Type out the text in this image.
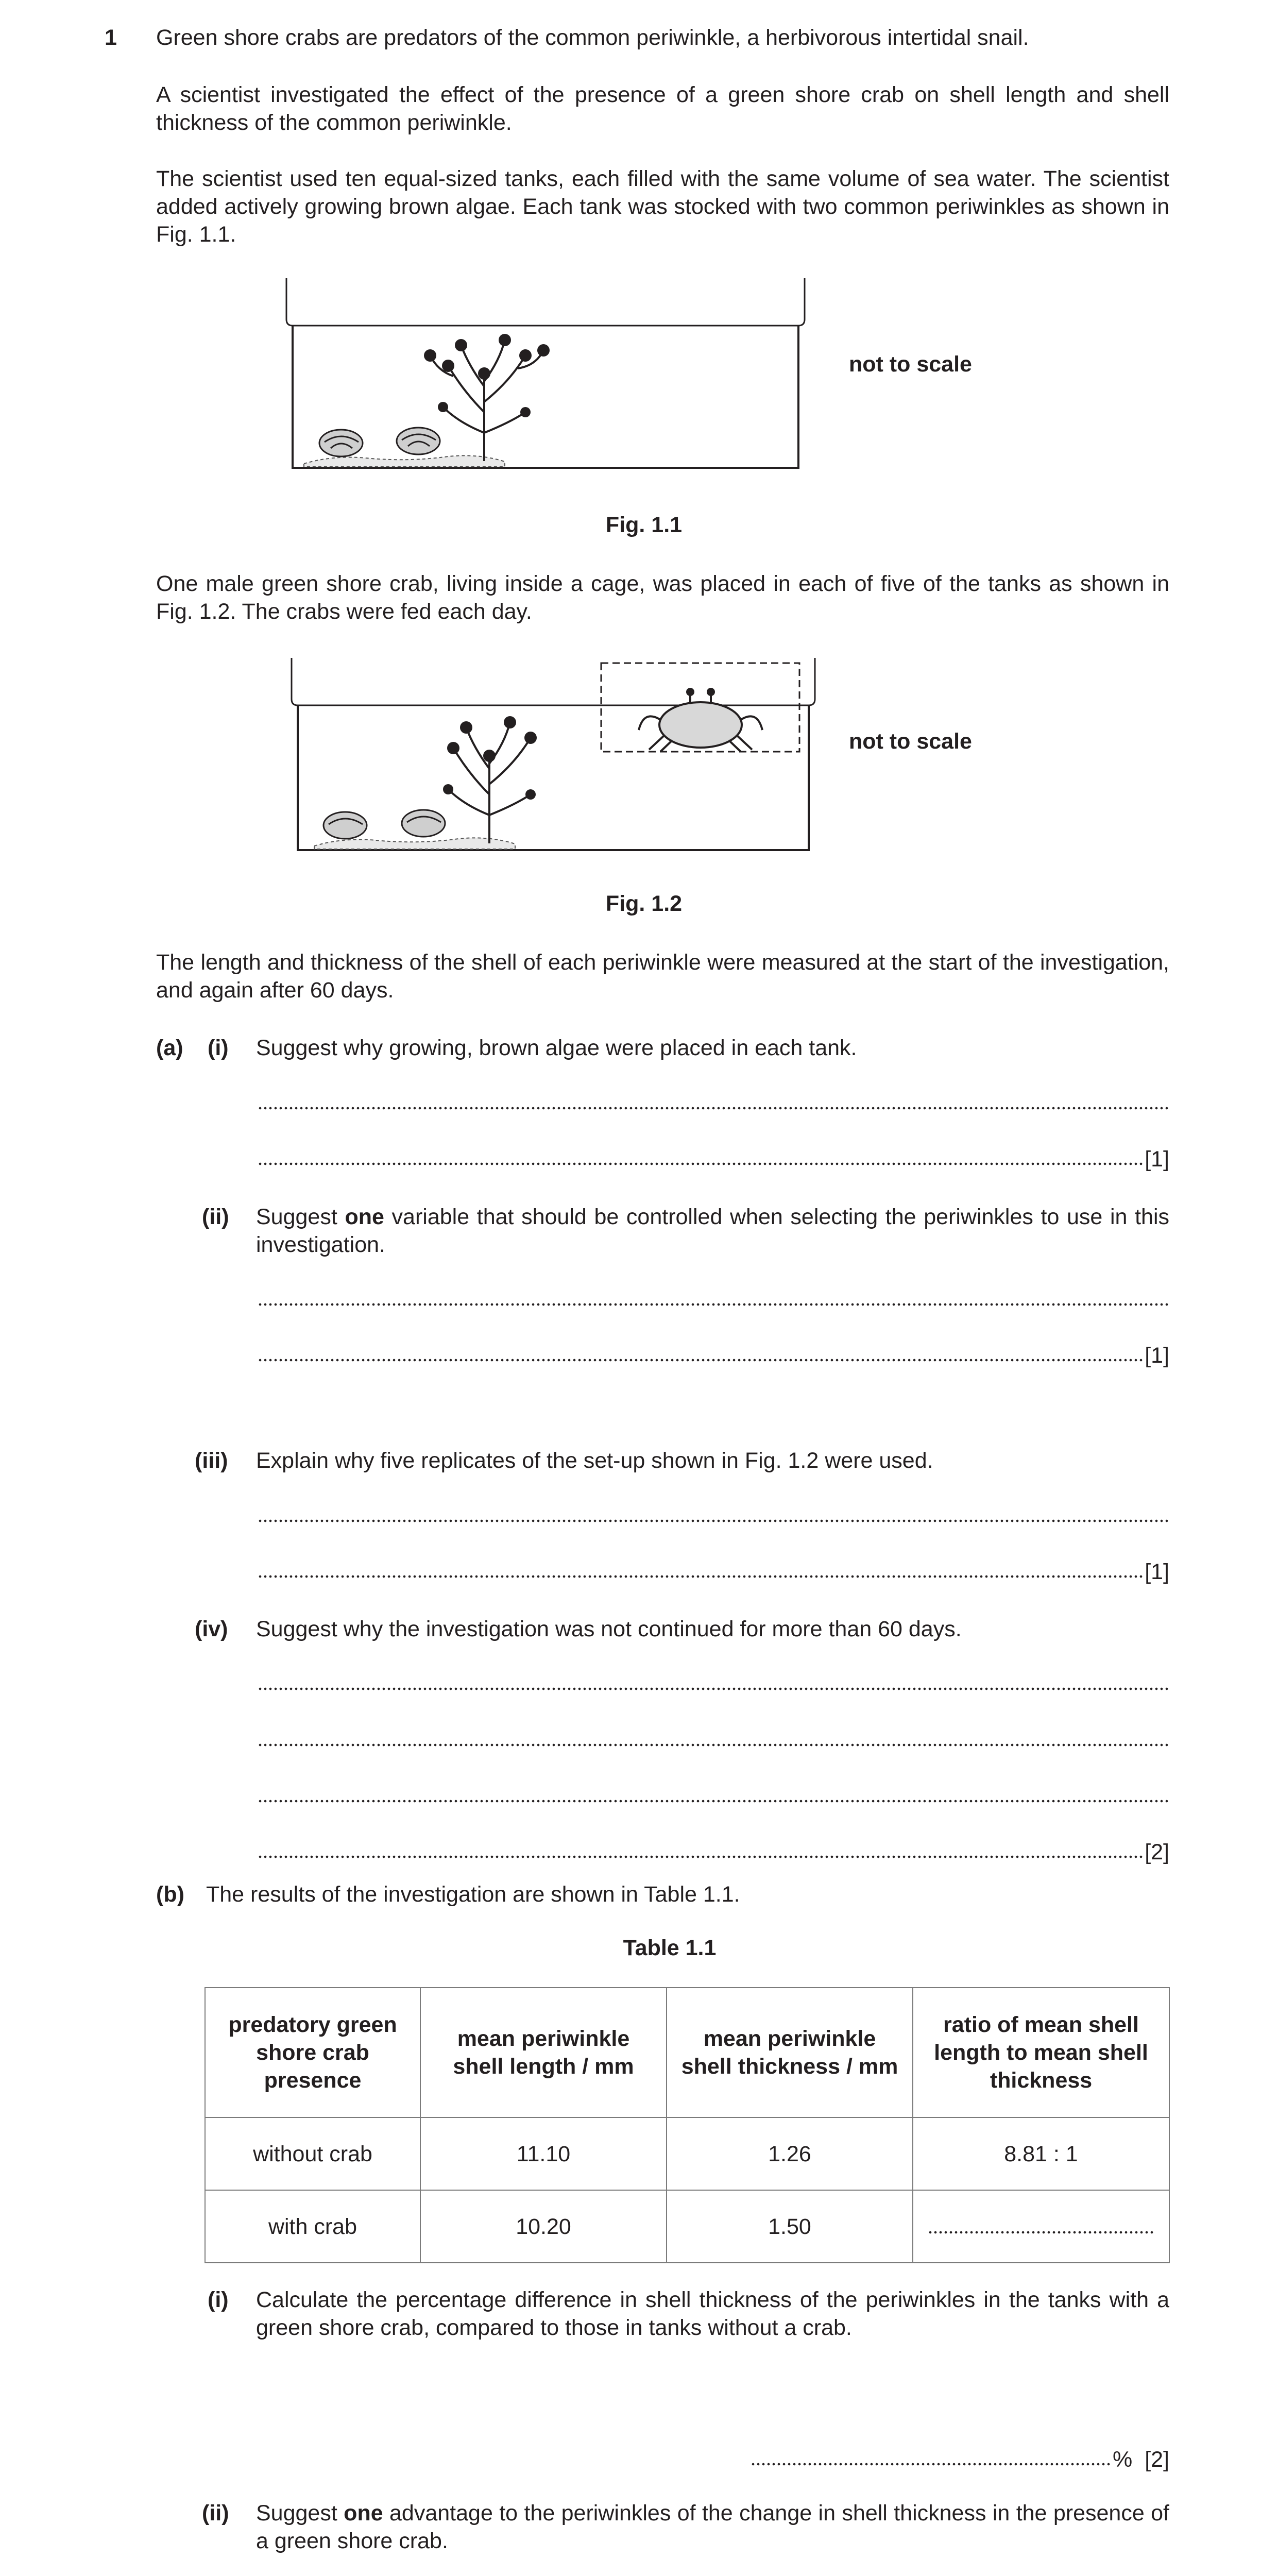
1 Green shore crabs are predators of the common periwinkle, a herbivorous intertidal snail.
A scientist investigated the effect of the presence of a green shore crab on shell length and shell thickness of the common periwinkle.
The scientist used ten equal-sized tanks, each filled with the same volume of sea water. The scientist added actively growing brown algae. Each tank was stocked with two common periwinkles as shown in Fig. 1.1.
not to scale
Fig. 1.1
One male green shore crab, living inside a cage, was placed in each of five of the tanks as shown in Fig. 1.2. The crabs were fed each day.
not to scale
Fig. 1.2
The length and thickness of the shell of each periwinkle were measured at the start of the investigation, and again after 60 days.
(a) (i) Suggest why growing, brown algae were placed in each tank.
[1]
(ii) Suggest one variable that should be controlled when selecting the periwinkles to use in this investigation.
[1]
(iii) Explain why five replicates of the set-up shown in Fig. 1.2 were used.
[1]
(iv) Suggest why the investigation was not continued for more than 60 days.
[2]
(b) The results of the investigation are shown in Table 1.1.
Table 1.1
predatory green shore crab presence	mean periwinkle shell length / mm	mean periwinkle shell thickness / mm	ratio of mean shell length to mean shell thickness
without crab	11.10	1.26	8.81 : 1
with crab	10.20	1.50	
(i) Calculate the percentage difference in shell thickness of the periwinkles in the tanks with a green shore crab, compared to those in tanks without a crab.
% [2]
(ii) Suggest one advantage to the periwinkles of the change in shell thickness in the presence of a green shore crab.
